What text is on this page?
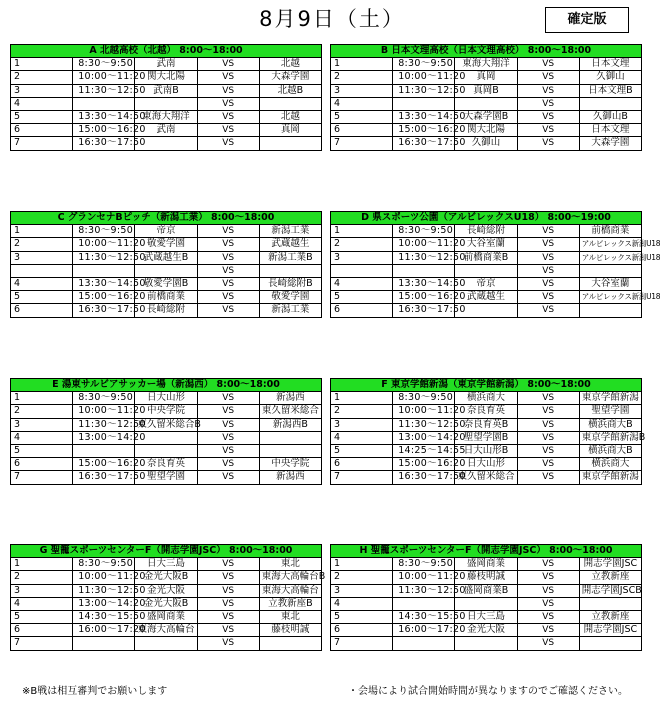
8月9日（土）	確定版
A 北越高校（北越） 8:00～18:00				
1	8:30～9:50	武南	VS	北越
2	10:00～11:20	関大北陽	VS	大森学園
3	11:30～12:50	武南B	VS	北越B
4			VS	
5	13:30～14:50	東海大翔洋	VS	北越
6	15:00～16:20	武南	VS	真岡
7	16:30～17:50		VS	
B 日本文理高校（日本文理高校） 8:00～18:00				
1	8:30～9:50	東海大翔洋	VS	日本文理
2	10:00～11:20	真岡	VS	久御山
3	11:30～12:50	真岡B	VS	日本文理B
4			VS	
5	13:30～14:50	大森学園B	VS	久御山B
6	15:00～16:20	関大北陽	VS	日本文理
7	16:30～17:50	久御山	VS	大森学園
C グランセナBピッチ（新潟工業） 8:00～18:00				
1	8:30～9:50	帝京	VS	新潟工業
2	10:00～11:20	敬愛学園	VS	武蔵越生
3	11:30～12:50	武蔵越生B	VS	新潟工業B
			VS	
4	13:30～14:50	敬愛学園B	VS	長崎総附B
5	15:00～16:20	前橋商業	VS	敬愛学園
6	16:30～17:50	長崎総附	VS	新潟工業
D 県スポーツ公園（アルビレックスU18） 8:00～19:00				
1	8:30～9:50	長崎総附	VS	前橋商業
2	10:00～11:20	大谷室蘭	VS	アルビレックス新潟U18
3	11:30～12:50	前橋商業B	VS	アルビレックス新潟U18
			VS	
4	13:30～14:50	帝京	VS	大谷室蘭
5	15:00～16:20	武蔵越生	VS	アルビレックス新潟U18
6	16:30～17:50		VS	
E 湯東サルビアサッカー場（新潟西） 8:00～18:00				
1	8:30～9:50	日大山形	VS	新潟西
2	10:00～11:20	中央学院	VS	東久留米総合
3	11:30～12:50	東久留米総合B	VS	新潟西B
4	13:00～14:20		VS	
5			VS	
6	15:00～16:20	奈良育英	VS	中央学院
7	16:30～17:50	聖望学園	VS	新潟西
F 東京学館新潟（東京学館新潟） 8:00～18:00				
1	8:30～9:50	横浜商大	VS	東京学館新潟
2	10:00～11:20	奈良育英	VS	聖望学園
3	11:30～12:50	奈良育英B	VS	横浜商大B
4	13:00～14:20	聖望学園B	VS	東京学館新潟B
5	14:25～14:55	日大山形B	VS	横浜商大B
6	15:00～16:20	日大山形	VS	横浜商大
7	16:30～17:50	東久留米総合	VS	東京学館新潟
G 聖籠スポーツセンターF（開志学園JSC） 8:00～18:00				
1	8:30～9:50	日大三島	VS	東北
2	10:00～11:20	金光大阪B	VS	東海大高輪台B
3	11:30～12:50	金光大阪	VS	東海大高輪台
4	13:00～14:20	金光大阪B	VS	立教新座B
5	14:30～15:50	盛岡商業	VS	東北
6	16:00～17:20	東海大高輪台	VS	藤枝明誠
7			VS	
H 聖籠スポーツセンターF（開志学園JSC） 8:00～18:00				
1	8:30～9:50	盛岡商業	VS	開志学園JSC
2	10:00～11:20	藤枝明誠	VS	立教新座
3	11:30～12:50	盛岡商業B	VS	開志学園JSCB
4			VS	
5	14:30～15:50	日大三島	VS	立教新座
6	16:00～17:20	金光大阪	VS	開志学園JSC
7			VS	
※B戦は相互審判でお願いします	・会場により試合開始時間が異なりますのでご確認ください。
